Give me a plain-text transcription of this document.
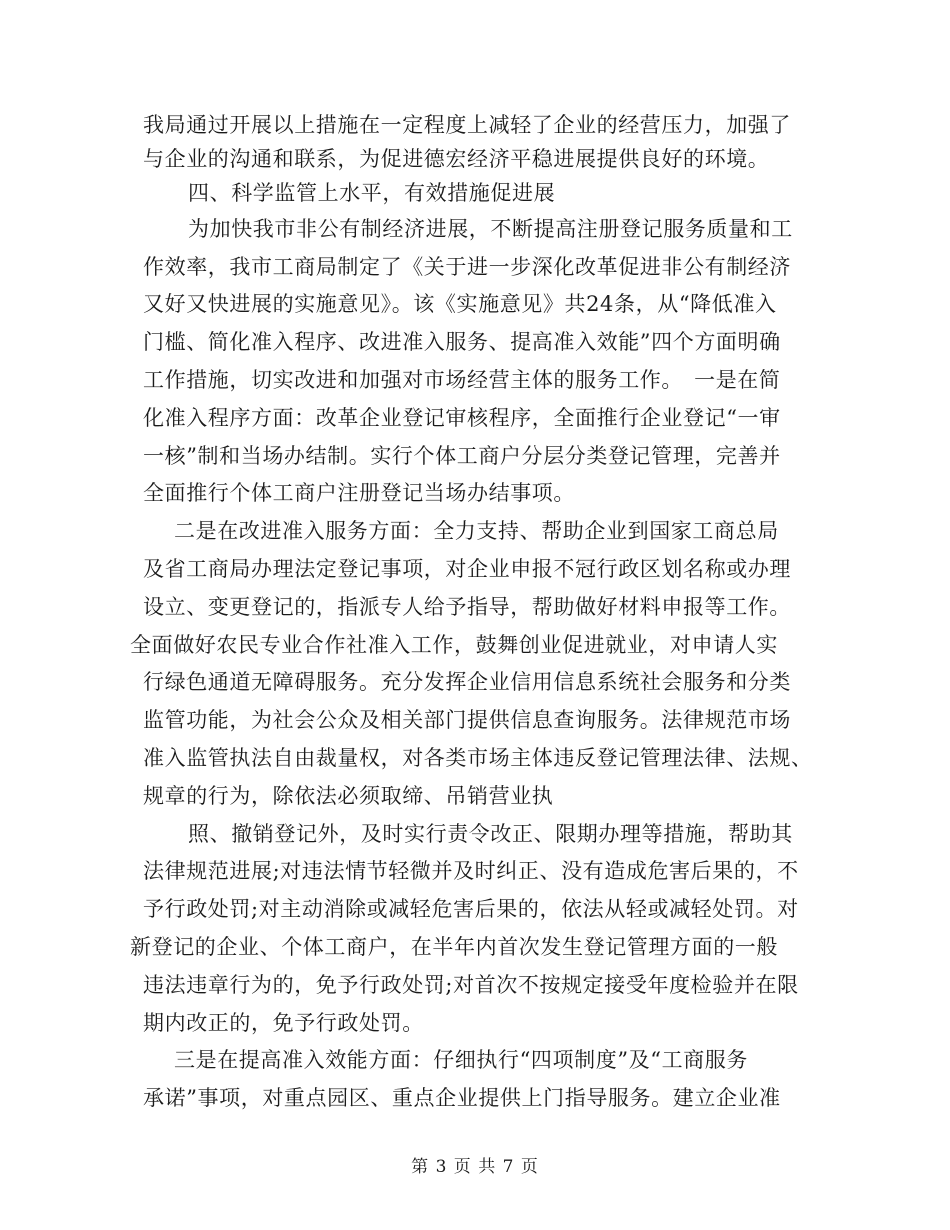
我局通过开展以上措施在一定程度上减轻了企业的经营压力，加强了
与企业的沟通和联系，为促进德宏经济平稳进展提供良好的环境。
四、科学监管上水平，有效措施促进展
为加快我市非公有制经济进展，不断提高注册登记服务质量和工
作效率，我市工商局制定了《关于进一步深化改革促进非公有制经济
又好又快进展的实施意见》。该《实施意见》共24条，从“降低准入
门槛、简化准入程序、改进准入服务、提高准入效能”四个方面明确
工作措施，切实改进和加强对市场经营主体的服务工作。　一是在简
化准入程序方面：改革企业登记审核程序，全面推行企业登记“一审
一核”制和当场办结制。实行个体工商户分层分类登记管理，完善并
全面推行个体工商户注册登记当场办结事项。
二是在改进准入服务方面：全力支持、帮助企业到国家工商总局
及省工商局办理法定登记事项，对企业申报不冠行政区划名称或办理
设立、变更登记的，指派专人给予指导，帮助做好材料申报等工作。
全面做好农民专业合作社准入工作，鼓舞创业促进就业，对申请人实
行绿色通道无障碍服务。充分发挥企业信用信息系统社会服务和分类
监管功能，为社会公众及相关部门提供信息查询服务。法律规范市场
准入监管执法自由裁量权，对各类市场主体违反登记管理法律、法规、
规章的行为，除依法必须取缔、吊销营业执
照、撤销登记外，及时实行责令改正、限期办理等措施，帮助其
法律规范进展;对违法情节轻微并及时纠正、没有造成危害后果的，不
予行政处罚;对主动消除或减轻危害后果的，依法从轻或减轻处罚。对
新登记的企业、个体工商户，在半年内首次发生登记管理方面的一般
违法违章行为的，免予行政处罚;对首次不按规定接受年度检验并在限
期内改正的，免予行政处罚。
三是在提高准入效能方面：仔细执行“四项制度”及“工商服务
承诺”事项，对重点园区、重点企业提供上门指导服务。建立企业准
第 3 页 共 7 页
